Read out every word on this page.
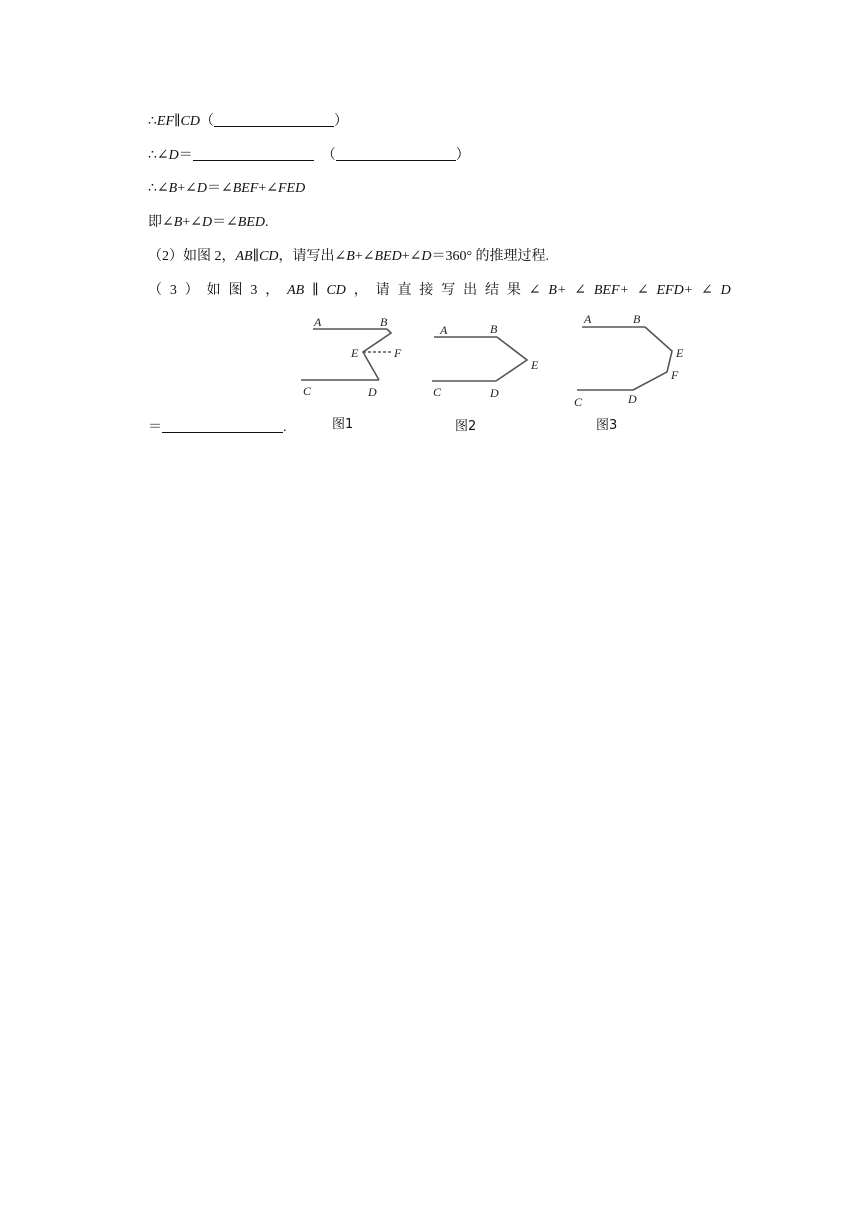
∴EF∥CD（	）
∴∠D＝	（	）
∴∠B+∠D＝∠BEF+∠FED
即∠B+∠D＝∠BED.
（2）如图 2，AB∥CD，请写出∠B+∠BED+∠D＝360° 的推理过程.
（ 3 ） 如 图 3 ， AB ∥ CD ， 请 直 接 写 出 结 果 ∠ B+ ∠ BEF+ ∠ EFD+ ∠ D
＝	.
A	B
E	F
C	D
图1
A	B
E
C	D
图2
A	B
E
F
C	D
图3
